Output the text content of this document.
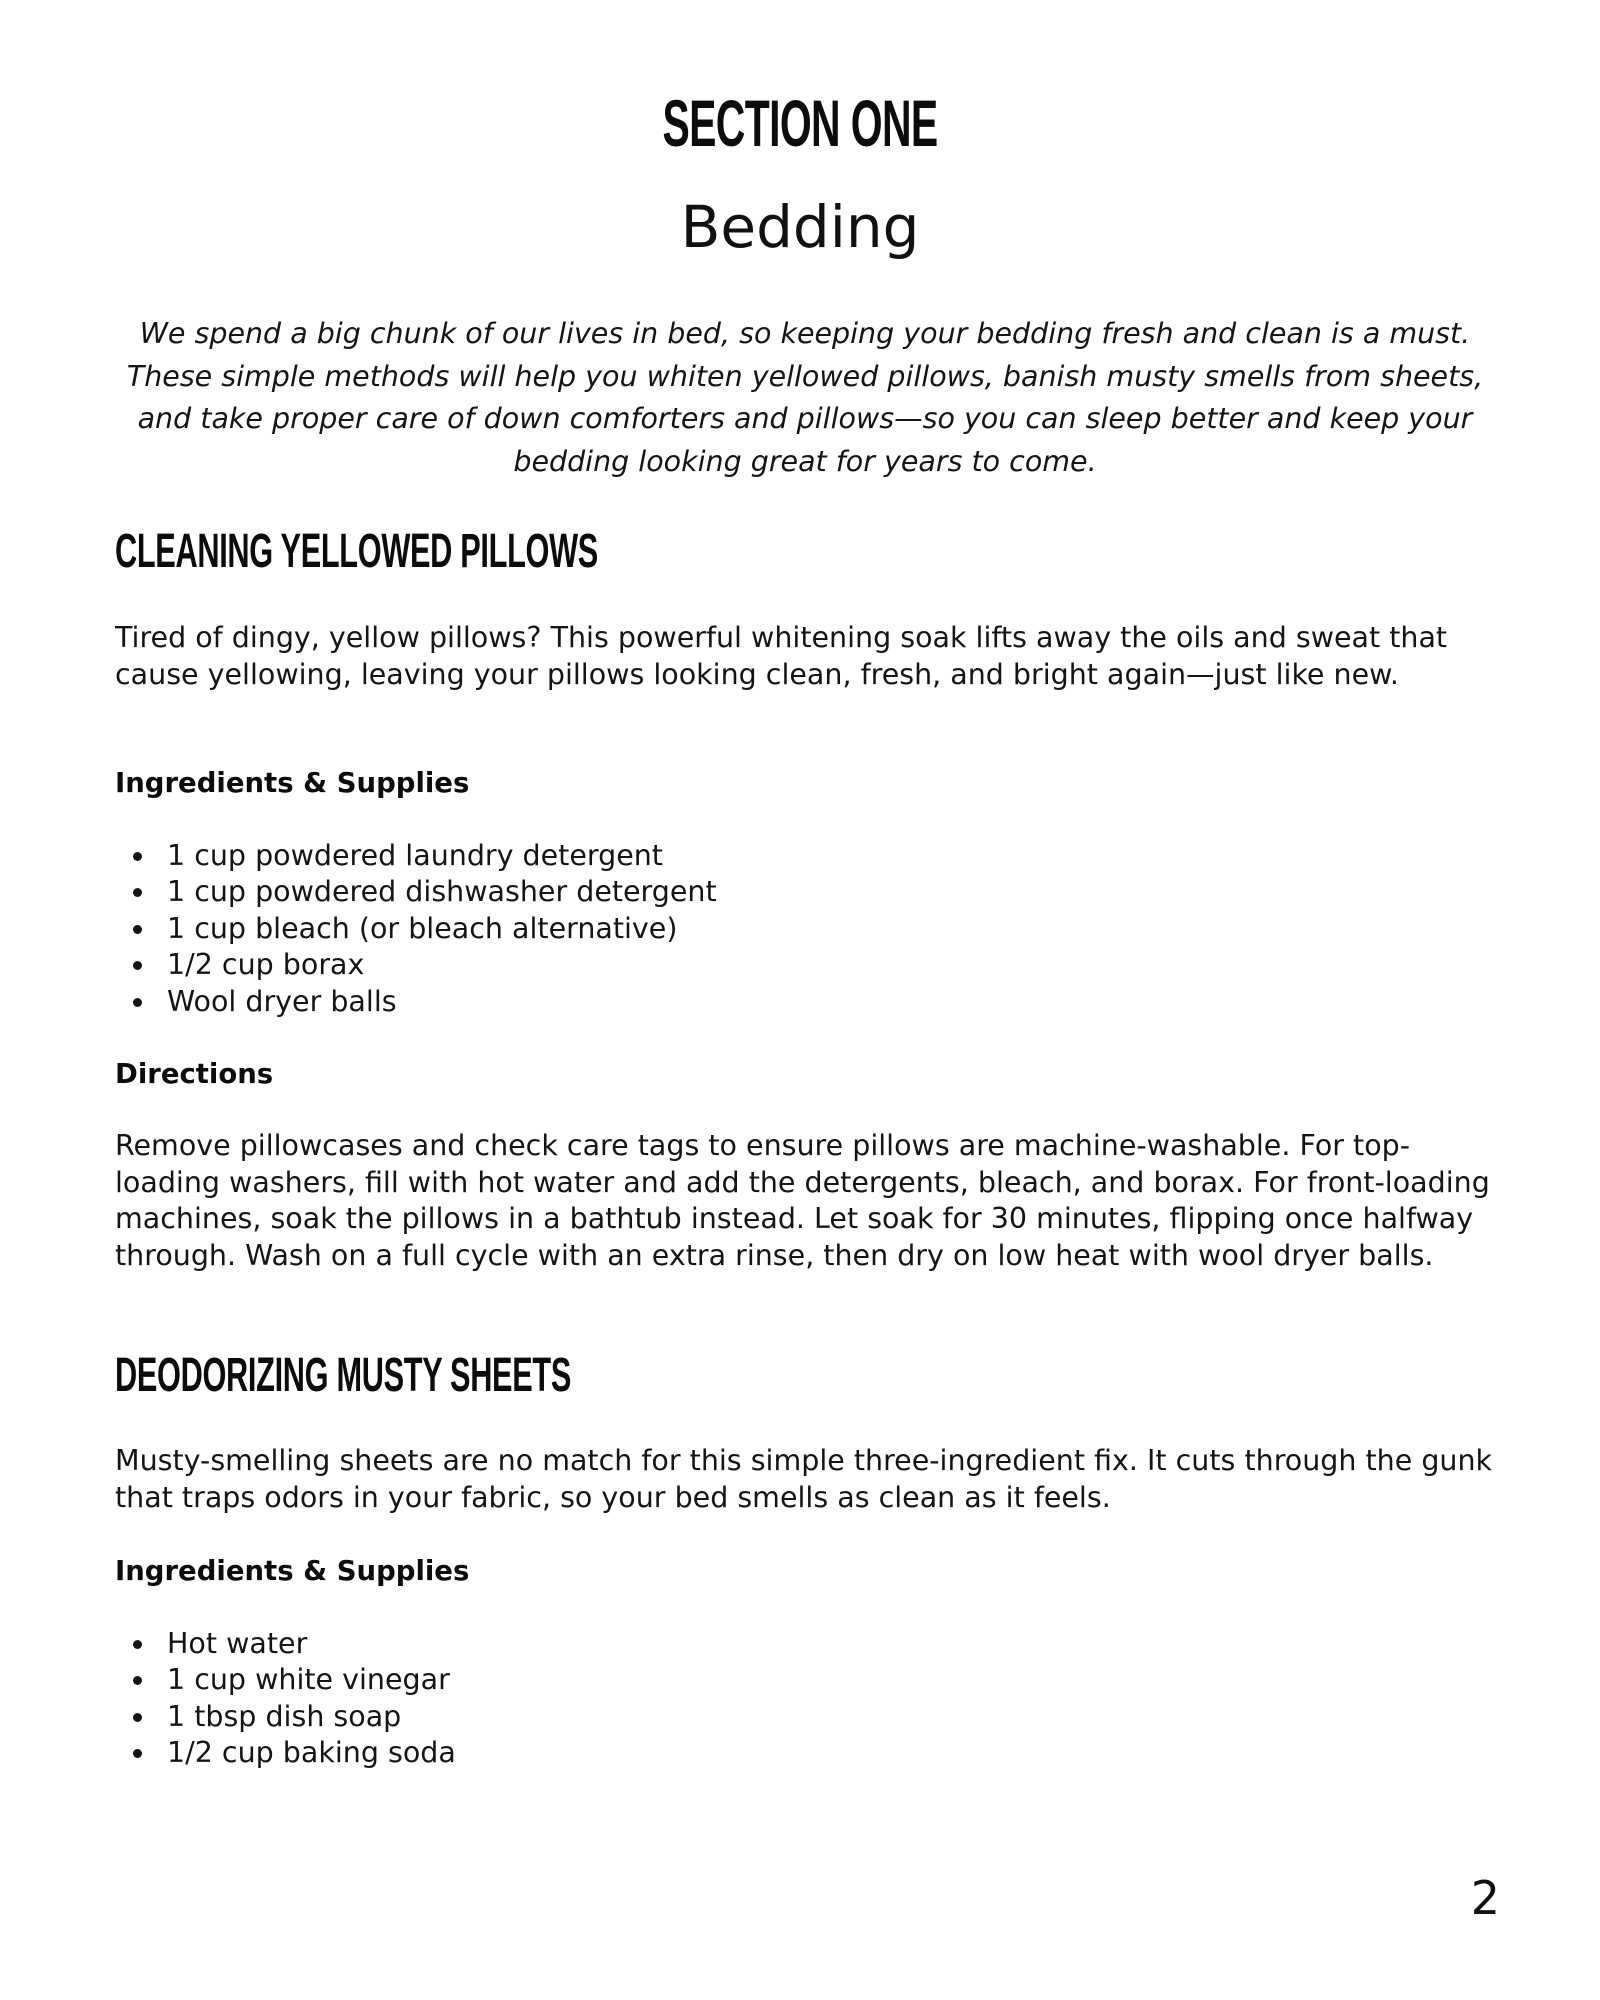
SECTION ONE
Bedding
We spend a big chunk of our lives in bed, so keeping your bedding fresh and clean is a must. These simple methods will help you whiten yellowed pillows, banish musty smells from sheets, and take proper care of down comforters and pillows—so you can sleep better and keep your bedding looking great for years to come.
CLEANING YELLOWED PILLOWS
Tired of dingy, yellow pillows? This powerful whitening soak lifts away the oils and sweat that cause yellowing, leaving your pillows looking clean, fresh, and bright again—just like new.
Ingredients & Supplies
1 cup powdered laundry detergent
1 cup powdered dishwasher detergent
1 cup bleach (or bleach alternative)
1/2 cup borax
Wool dryer balls
Directions
Remove pillowcases and check care tags to ensure pillows are machine-washable. For top-loading washers, fill with hot water and add the detergents, bleach, and borax. For front-loading machines, soak the pillows in a bathtub instead. Let soak for 30 minutes, flipping once halfway through. Wash on a full cycle with an extra rinse, then dry on low heat with wool dryer balls.
DEODORIZING MUSTY SHEETS
Musty-smelling sheets are no match for this simple three-ingredient fix. It cuts through the gunk that traps odors in your fabric, so your bed smells as clean as it feels.
Ingredients & Supplies
Hot water
1 cup white vinegar
1 tbsp dish soap
1/2 cup baking soda
2
